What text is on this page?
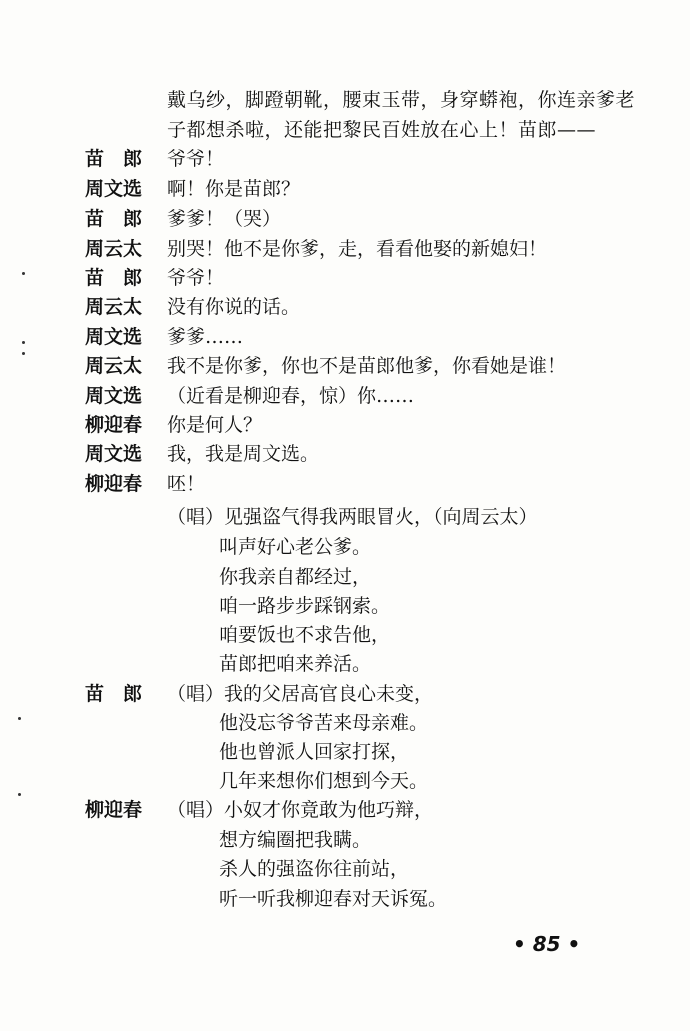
戴乌纱，脚蹬朝靴，腰束玉带，身穿蟒袍，你连亲爹老
子都想杀啦，还能把黎民百姓放在心上！苗郎——
苗　郎 爷爷！
周文选 啊！你是苗郎？
苗　郎 爹爹！（哭）
周云太 别哭！他不是你爹，走，看看他娶的新媳妇！
苗　郎 爷爷！
周云太 没有你说的话。
周文选 爹爹……
周云太 我不是你爹，你也不是苗郎他爹，你看她是谁！
周文选 （近看是柳迎春，惊）你……
柳迎春 你是何人？
周文选 我，我是周文选。
柳迎春 呸！
（唱）见强盗气得我两眼冒火，（向周云太）
叫声好心老公爹。
你我亲自都经过，
咱一路步步踩钢索。
咱要饭也不求告他，
苗郎把咱来养活。
苗　郎 （唱）我的父居高官良心未变，
他没忘爷爷苦来母亲难。
他也曾派人回家打探，
几年来想你们想到今天。
柳迎春 （唱）小奴才你竟敢为他巧辩，
想方编圈把我瞒。
杀人的强盗你往前站，
听一听我柳迎春对天诉冤。
• 85 •
